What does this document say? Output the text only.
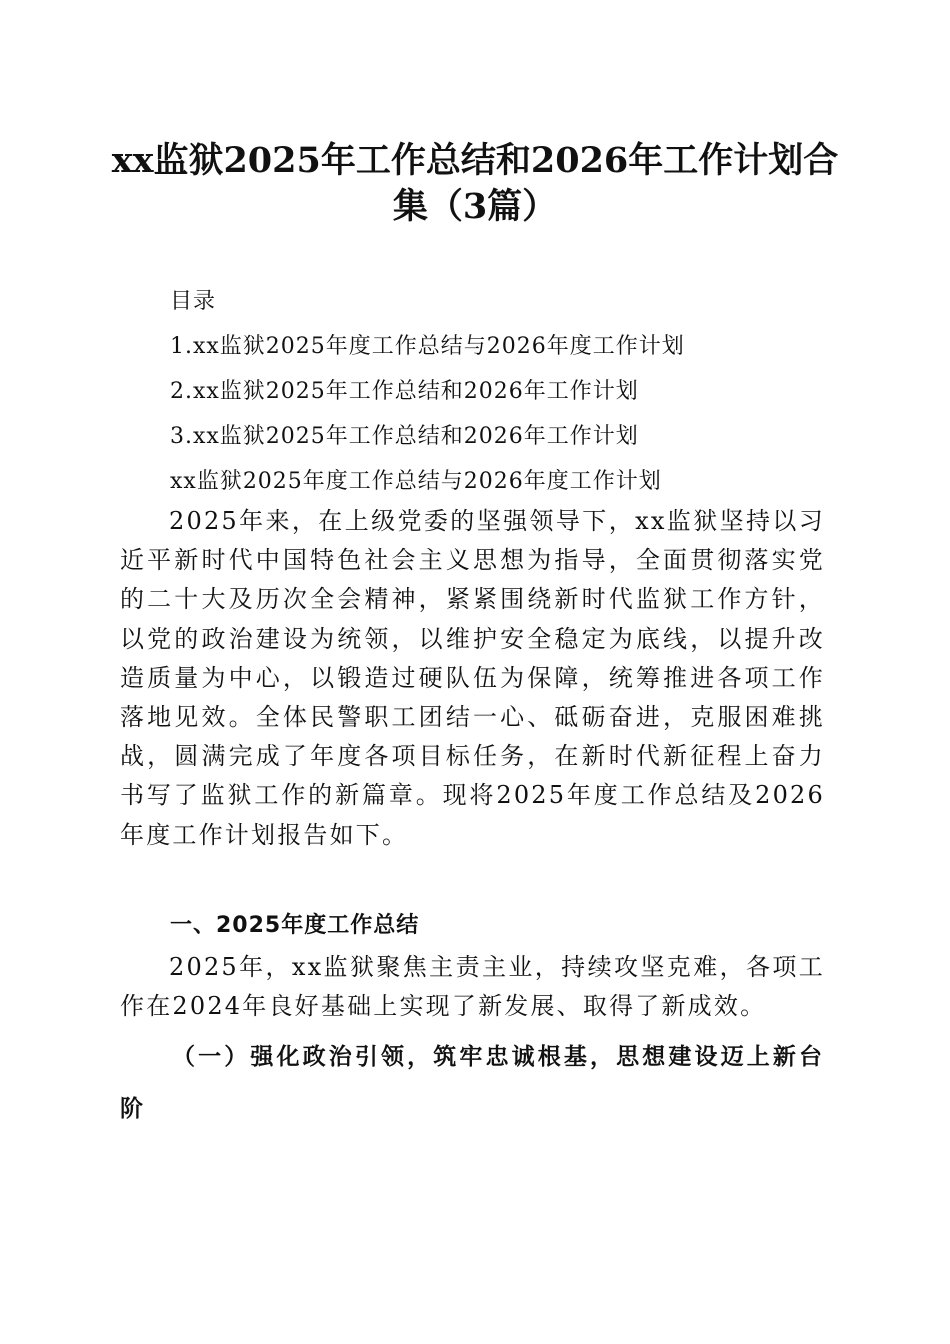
xx监狱2025年工作总结和2026年工作计划合集（3篇）
目录
1.xx监狱2025年度工作总结与2026年度工作计划
2.xx监狱2025年工作总结和2026年工作计划
3.xx监狱2025年工作总结和2026年工作计划
xx监狱2025年度工作总结与2026年度工作计划
2025年来，在上级党委的坚强领导下，xx监狱坚持以习近平新时代中国特色社会主义思想为指导，全面贯彻落实党的二十大及历次全会精神，紧紧围绕新时代监狱工作方针，以党的政治建设为统领，以维护安全稳定为底线，以提升改造质量为中心，以锻造过硬队伍为保障，统筹推进各项工作落地见效。全体民警职工团结一心、砥砺奋进，克服困难挑战，圆满完成了年度各项目标任务，在新时代新征程上奋力书写了监狱工作的新篇章。现将2025年度工作总结及2026年度工作计划报告如下。
一、2025年度工作总结
2025年，xx监狱聚焦主责主业，持续攻坚克难，各项工作在2024年良好基础上实现了新发展、取得了新成效。
（一）强化政治引领，筑牢忠诚根基，思想建设迈上新台阶
